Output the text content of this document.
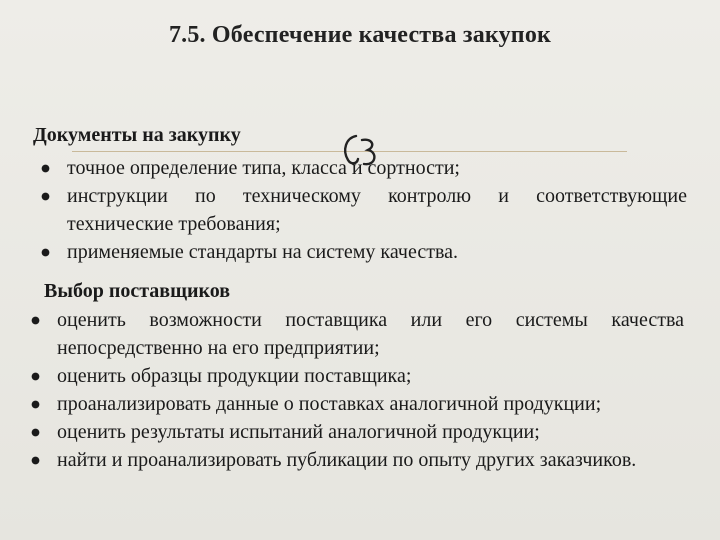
7.5. Обеспечение качества закупок
Документы на закупку
точное определение типа, класса и сортности;
инструкции по техническому контролю и соответствующие технические требования;
применяемые стандарты на систему качества.
Выбор поставщиков
оценить возможности поставщика или его системы качества непосредственно на его предприятии;
оценить образцы продукции поставщика;
проанализировать данные о поставках аналогичной продукции;
оценить результаты испытаний аналогичной продукции;
найти и проанализировать публикации по опыту других заказчиков.
